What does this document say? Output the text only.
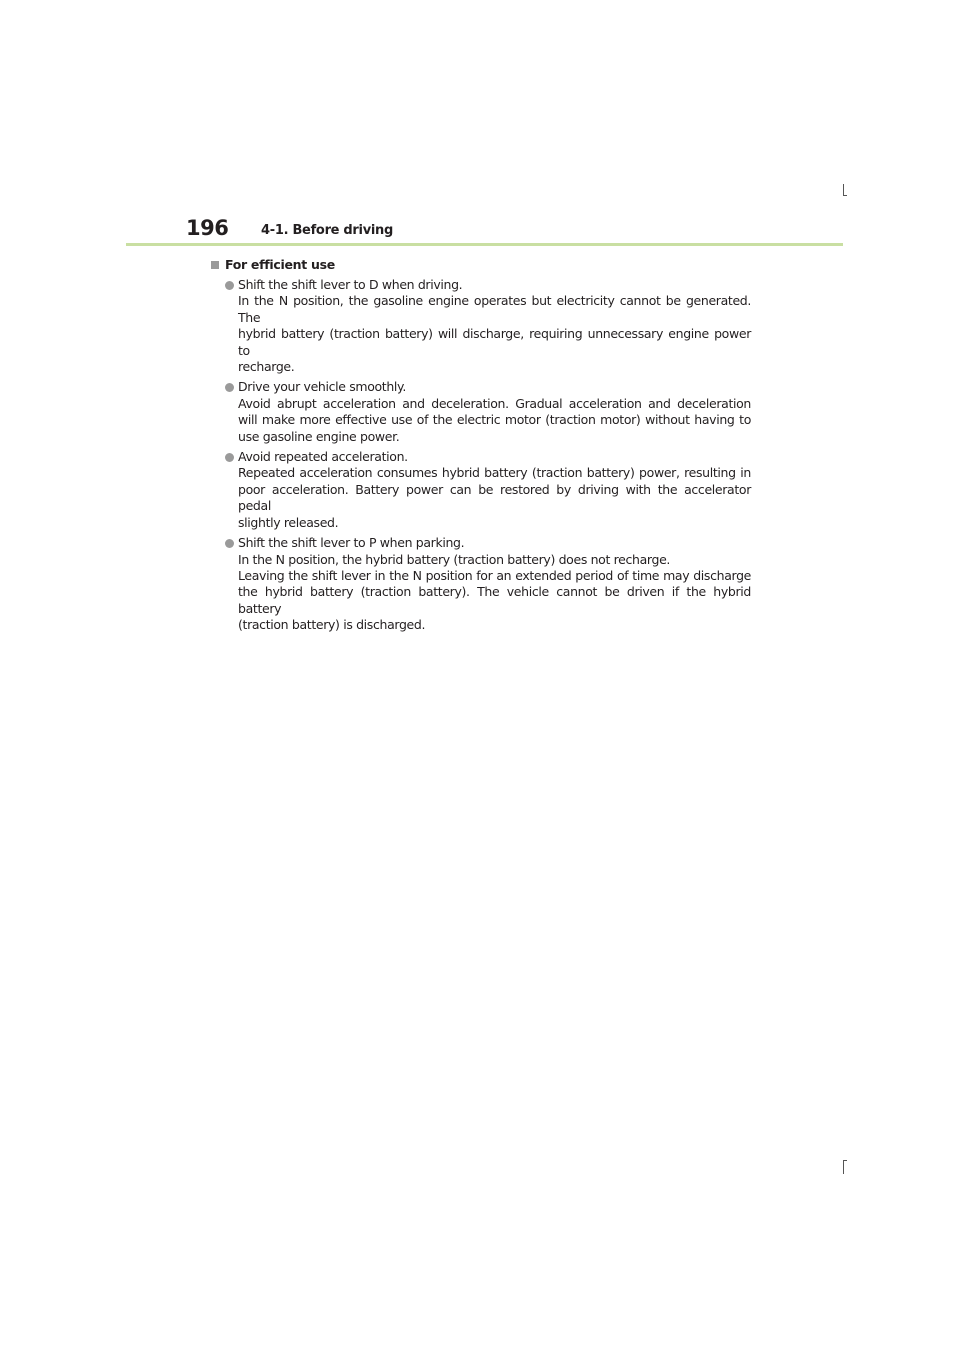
196	4-1. Before driving
For efficient use
Shift the shift lever to D when driving.
In the N position, the gasoline engine operates but electricity cannot be generated. The
hybrid battery (traction battery) will discharge, requiring unnecessary engine power to
recharge.
Drive your vehicle smoothly.
Avoid abrupt acceleration and deceleration. Gradual acceleration and deceleration
will make more effective use of the electric motor (traction motor) without having to
use gasoline engine power.
Avoid repeated acceleration.
Repeated acceleration consumes hybrid battery (traction battery) power, resulting in
poor acceleration. Battery power can be restored by driving with the accelerator pedal
slightly released.
Shift the shift lever to P when parking.
In the N position, the hybrid battery (traction battery) does not recharge.
Leaving the shift lever in the N position for an extended period of time may discharge
the hybrid battery (traction battery). The vehicle cannot be driven if the hybrid battery
(traction battery) is discharged.
